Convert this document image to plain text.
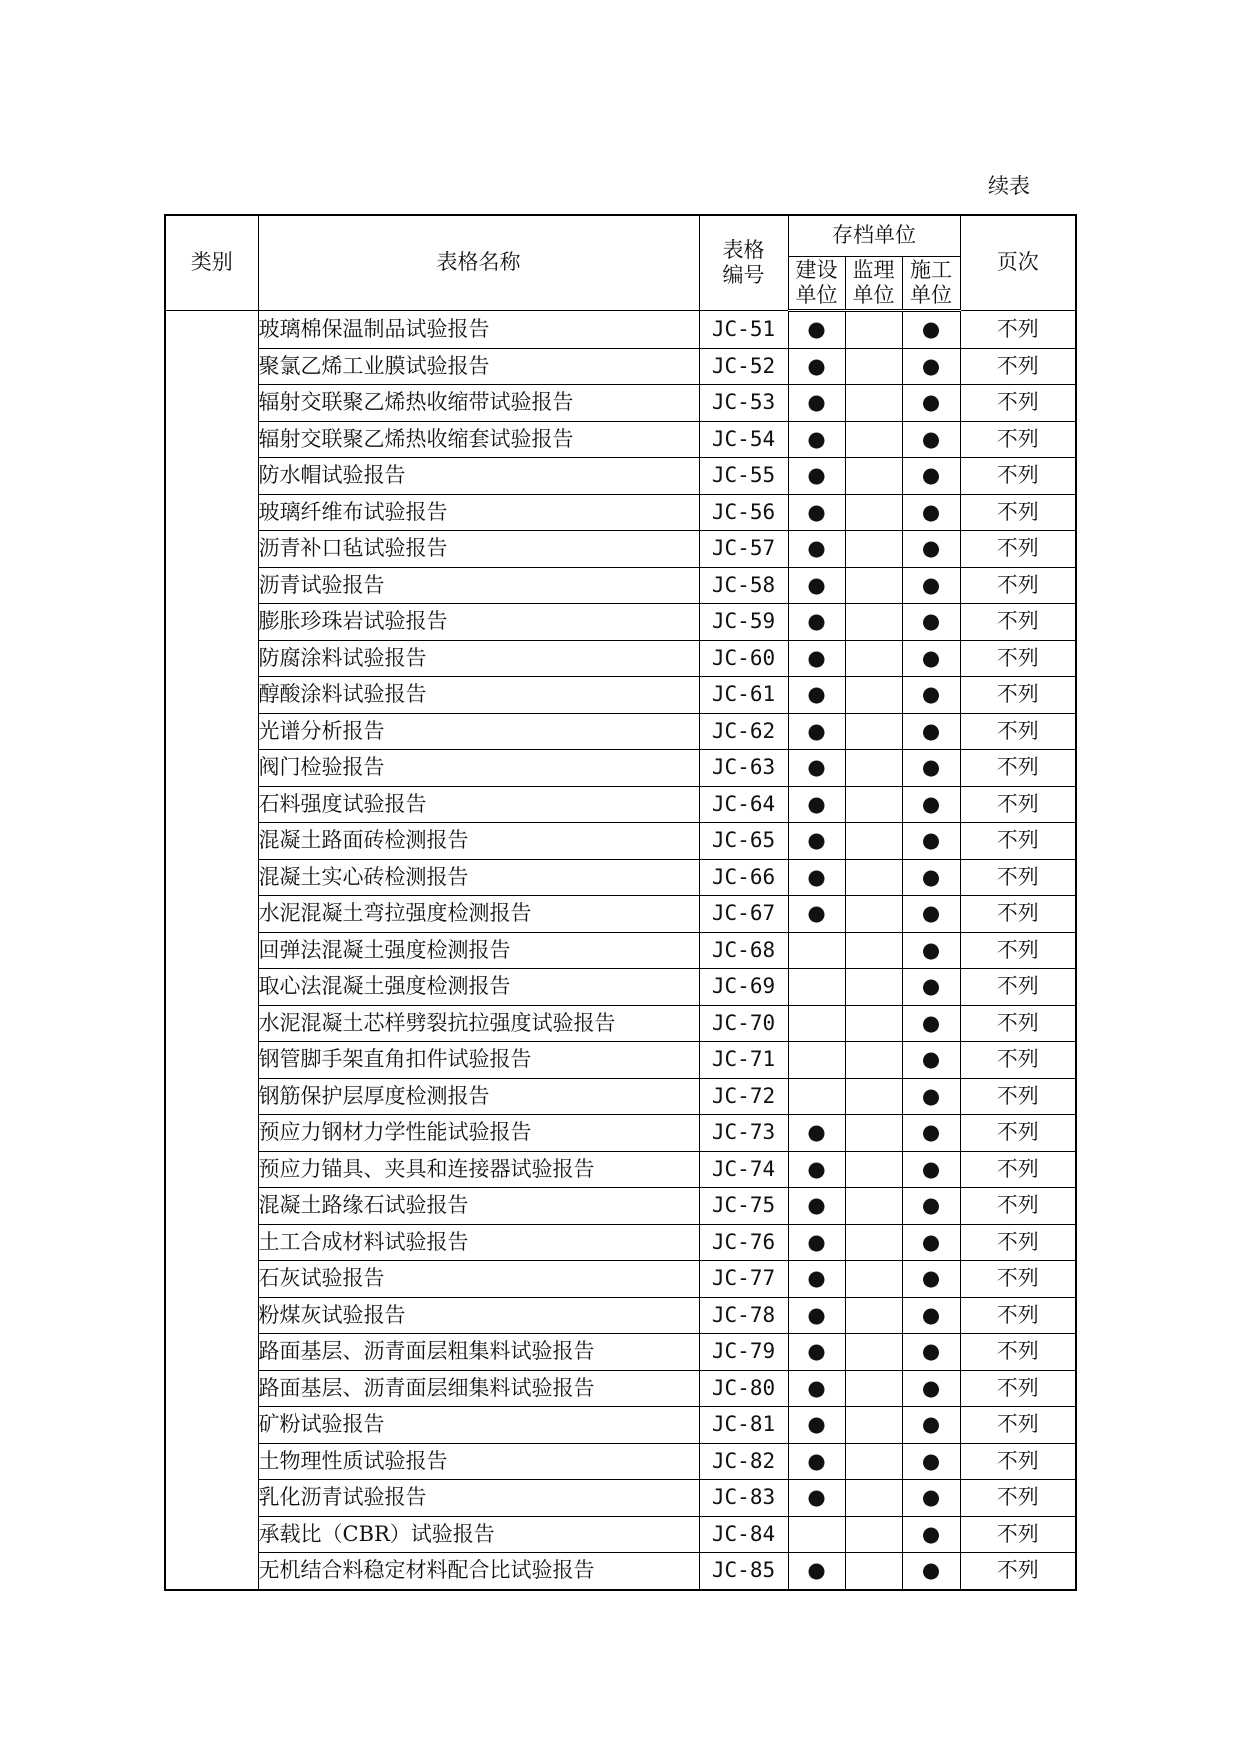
续表
类别	表格名称	表格编号	存档单位			页次
			建设单位	监理单位	施工单位	
	玻璃棉保温制品试验报告	JC-51	●		●	不列
	聚氯乙烯工业膜试验报告	JC-52	●		●	不列
	辐射交联聚乙烯热收缩带试验报告	JC-53	●		●	不列
	辐射交联聚乙烯热收缩套试验报告	JC-54	●		●	不列
	防水帽试验报告	JC-55	●		●	不列
	玻璃纤维布试验报告	JC-56	●		●	不列
	沥青补口毡试验报告	JC-57	●		●	不列
	沥青试验报告	JC-58	●		●	不列
	膨胀珍珠岩试验报告	JC-59	●		●	不列
	防腐涂料试验报告	JC-60	●		●	不列
	醇酸涂料试验报告	JC-61	●		●	不列
	光谱分析报告	JC-62	●		●	不列
	阀门检验报告	JC-63	●		●	不列
	石料强度试验报告	JC-64	●		●	不列
	混凝土路面砖检测报告	JC-65	●		●	不列
	混凝土实心砖检测报告	JC-66	●		●	不列
	水泥混凝土弯拉强度检测报告	JC-67	●		●	不列
	回弹法混凝土强度检测报告	JC-68			●	不列
	取心法混凝土强度检测报告	JC-69			●	不列
	水泥混凝土芯样劈裂抗拉强度试验报告	JC-70			●	不列
	钢管脚手架直角扣件试验报告	JC-71			●	不列
	钢筋保护层厚度检测报告	JC-72			●	不列
	预应力钢材力学性能试验报告	JC-73	●		●	不列
	预应力锚具、夹具和连接器试验报告	JC-74	●		●	不列
	混凝土路缘石试验报告	JC-75	●		●	不列
	土工合成材料试验报告	JC-76	●		●	不列
	石灰试验报告	JC-77	●		●	不列
	粉煤灰试验报告	JC-78	●		●	不列
	路面基层、沥青面层粗集料试验报告	JC-79	●		●	不列
	路面基层、沥青面层细集料试验报告	JC-80	●		●	不列
	矿粉试验报告	JC-81	●		●	不列
	土物理性质试验报告	JC-82	●		●	不列
	乳化沥青试验报告	JC-83	●		●	不列
	承载比（CBR）试验报告	JC-84			●	不列
	无机结合料稳定材料配合比试验报告	JC-85	●		●	不列
